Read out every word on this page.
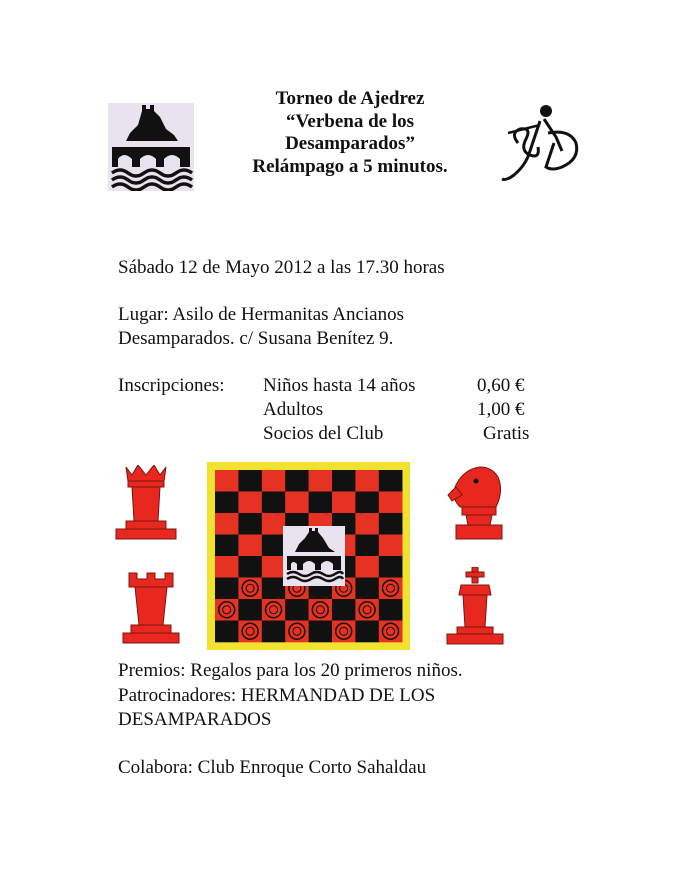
Torneo de Ajedrez
“Verbena de los
Desamparados”
Relámpago a 5 minutos.
Sábado 12 de Mayo 2012 a las 17.30 horas
Lugar: Asilo de Hermanitas Ancianos
Desamparados. c/ Susana Benítez 9.
Inscripciones: Niños hasta 14 años	0,60 €
Adultos	1,00 €
Socios del Club	Gratis
Premios: Regalos para los 20 primeros niños.
Patrocinadores: HERMANDAD DE LOS
DESAMPARADOS
Colabora: Club Enroque Corto Sahaldau
